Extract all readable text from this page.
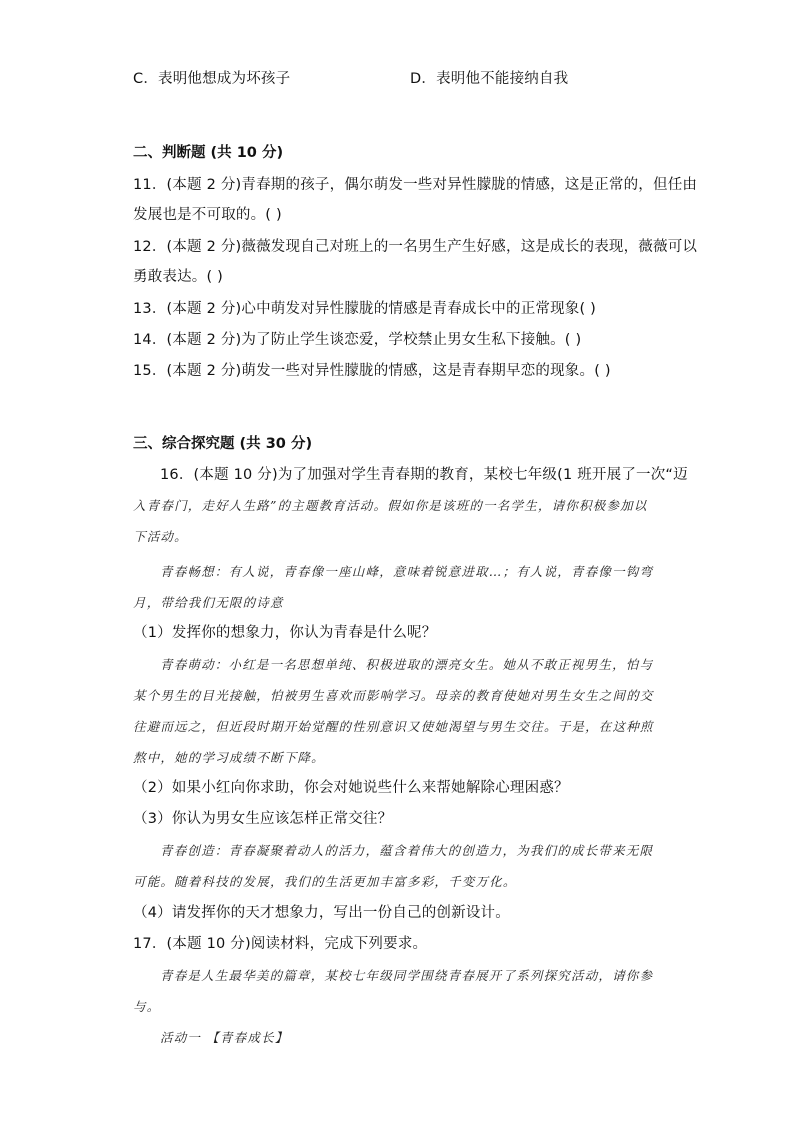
C．表明他想成为坏孩子	D．表明他不能接纳自我
二、判断题 (共 10 分)
11．(本题 2 分)青春期的孩子，偶尔萌发一些对异性朦胧的情感，这是正常的，但任由
发展也是不可取的。( )
12．(本题 2 分)薇薇发现自己对班上的一名男生产生好感，这是成长的表现，薇薇可以
勇敢表达。( )
13．(本题 2 分)心中萌发对异性朦胧的情感是青春成长中的正常现象( )
14．(本题 2 分)为了防止学生谈恋爱，学校禁止男女生私下接触。( )
15．(本题 2 分)萌发一些对异性朦胧的情感，这是青春期早恋的现象。( )
三、综合探究题 (共 30 分)
16．(本题 10 分)为了加强对学生青春期的教育，某校七年级(1 班开展了一次“迈
入青春门，走好人生路”的主题教育活动。假如你是该班的一名学生，请你积极参加以
下活动。
青春畅想：有人说，青春像一座山峰，意味着锐意进取…；有人说，青春像一钩弯
月，带给我们无限的诗意
（1）发挥你的想象力，你认为青春是什么呢？
青春萌动：小红是一名思想单纯、积极进取的漂亮女生。她从不敢正视男生，怕与
某个男生的目光接触，怕被男生喜欢而影响学习。母亲的教育使她对男生女生之间的交
往避而远之，但近段时期开始觉醒的性别意识又使她渴望与男生交往。于是，在这种煎
熬中，她的学习成绩不断下降。
（2）如果小红向你求助，你会对她说些什么来帮她解除心理困惑？
（3）你认为男女生应该怎样正常交往？
青春创造：青春凝聚着动人的活力，蕴含着伟大的创造力，为我们的成长带来无限
可能。随着科技的发展，我们的生活更加丰富多彩，千变万化。
（4）请发挥你的天才想象力，写出一份自己的创新设计。
17．(本题 10 分)阅读材料，完成下列要求。
青春是人生最华美的篇章，某校七年级同学围绕青春展开了系列探究活动，请你参
与。
活动一 【青春成长】
